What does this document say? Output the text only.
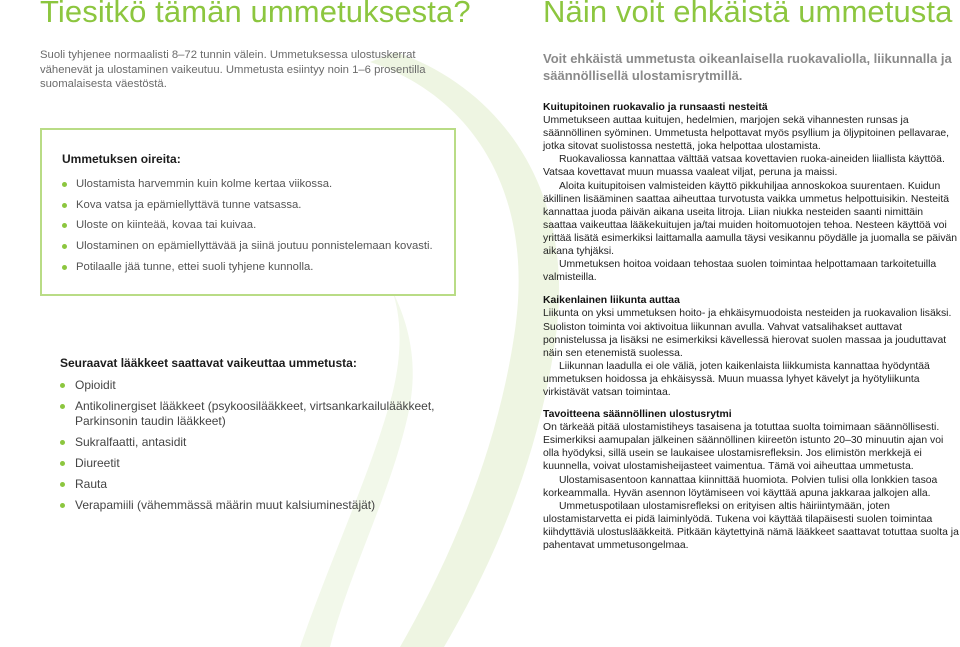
Tiesitkö tämän ummetuksesta?

Suoli tyhjenee normaalisti 8–72 tunnin välein. Ummetuksessa ulostuskerrat vähenevät ja ulostaminen vaikeutuu. Ummetusta esiintyy noin 1–6 prosentilla suomalaisesta väestöstä.

Ummetuksen oireita:
Ulostamista harvemmin kuin kolme kertaa viikossa.
Kova vatsa ja epämiellyttävä tunne vatsassa.
Uloste on kiinteää, kovaa tai kuivaa.
Ulostaminen on epämiellyttävää ja siinä joutuu ponnistelemaan kovasti.
Potilaalle jää tunne, ettei suoli tyhjene kunnolla.
Seuraavat lääkkeet saattavat vaikeuttaa ummetusta:
Opioidit
Antikolinergiset lääkkeet (psykoosilääkkeet, virtsankarkailulääkkeet, Parkinsonin taudin lääkkeet)
Sukralfaatti, antasidit
Diureetit
Rauta
Verapamiili (vähemmässä määrin muut kalsiuminestäjät)
Näin voit ehkäistä ummetusta

Voit ehkäistä ummetusta oikeanlaisella ruokavaliolla, liikunnalla ja säännöllisellä ulostamisrytmillä.

Kuitupitoinen ruokavalio ja runsaasti nesteitä

Ummetukseen auttaa kuitujen, hedelmien, marjojen sekä vihannesten runsas ja säännöllinen syöminen. Ummetusta helpottavat myös psyllium ja öljypitoinen pellavarae, jotka sitovat suolistossa nestettä, joka helpottaa ulostamista.

Ruokavaliossa kannattaa välttää vatsaa kovettavien ruoka-aineiden liiallista käyttöä. Vatsaa kovettavat muun muassa vaaleat viljat, peruna ja maissi.

Aloita kuitupitoisen valmisteiden käyttö pikkuhiljaa annoskokoa suurentaen. Kuidun äkillinen lisääminen saattaa aiheuttaa turvotusta vaikka ummetus helpottuisikin. Nesteitä kannattaa juoda päivän aikana useita litroja. Liian niukka nesteiden saanti nimittäin saattaa vaikeuttaa lääkekuitujen ja/tai muiden hoitomuotojen tehoa. Nesteen käyttöä voi yrittää lisätä esimerkiksi laittamalla aamulla täysi vesikannu pöydälle ja juomalla se päivän aikana tyhjäksi.

Ummetuksen hoitoa voidaan tehostaa suolen toimintaa helpottamaan tarkoitetuilla valmisteilla.

Kaikenlainen liikunta auttaa

Liikunta on yksi ummetuksen hoito- ja ehkäisymuodoista nesteiden ja ruokavalion lisäksi. Suoliston toiminta voi aktivoitua liikunnan avulla. Vahvat vatsalihakset auttavat ponnistelussa ja lisäksi ne esimerkiksi kävellessä hierovat suolen massaa ja jouduttavat näin sen etenemistä suolessa.

Liikunnan laadulla ei ole väliä, joten kaikenlaista liikkumista kannattaa hyödyntää ummetuksen hoidossa ja ehkäisyssä. Muun muassa lyhyet kävelyt ja hyötyliikunta virkistävät vatsan toimintaa.

Tavoitteena säännöllinen ulostusrytmi

On tärkeää pitää ulostamistiheys tasaisena ja totuttaa suolta toimimaan säännöllisesti. Esimerkiksi aamupalan jälkeinen säännöllinen kiireetön istunto 20–30 minuutin ajan voi olla hyödyksi, sillä usein se laukaisee ulostamisrefleksin. Jos elimistön merkkejä ei kuunnella, voivat ulostamisheijasteet vaimentua. Tämä voi aiheuttaa ummetusta.

Ulostamisasentoon kannattaa kiinnittää huomiota. Polvien tulisi olla lonkkien tasoa korkeammalla. Hyvän asennon löytämiseen voi käyttää apuna jakkaraa jalkojen alla.

Ummetuspotilaan ulostamisrefleksi on erityisen altis häiriintymään, joten ulostamistarvetta ei pidä laiminlyödä. Tukena voi käyttää tilapäisesti suolen toimintaa kiihdyttäviä ulostuslääkkeitä. Pitkään käytettyinä nämä lääkkeet saattavat totuttaa suolta ja pahentavat ummetusongelmaa.
